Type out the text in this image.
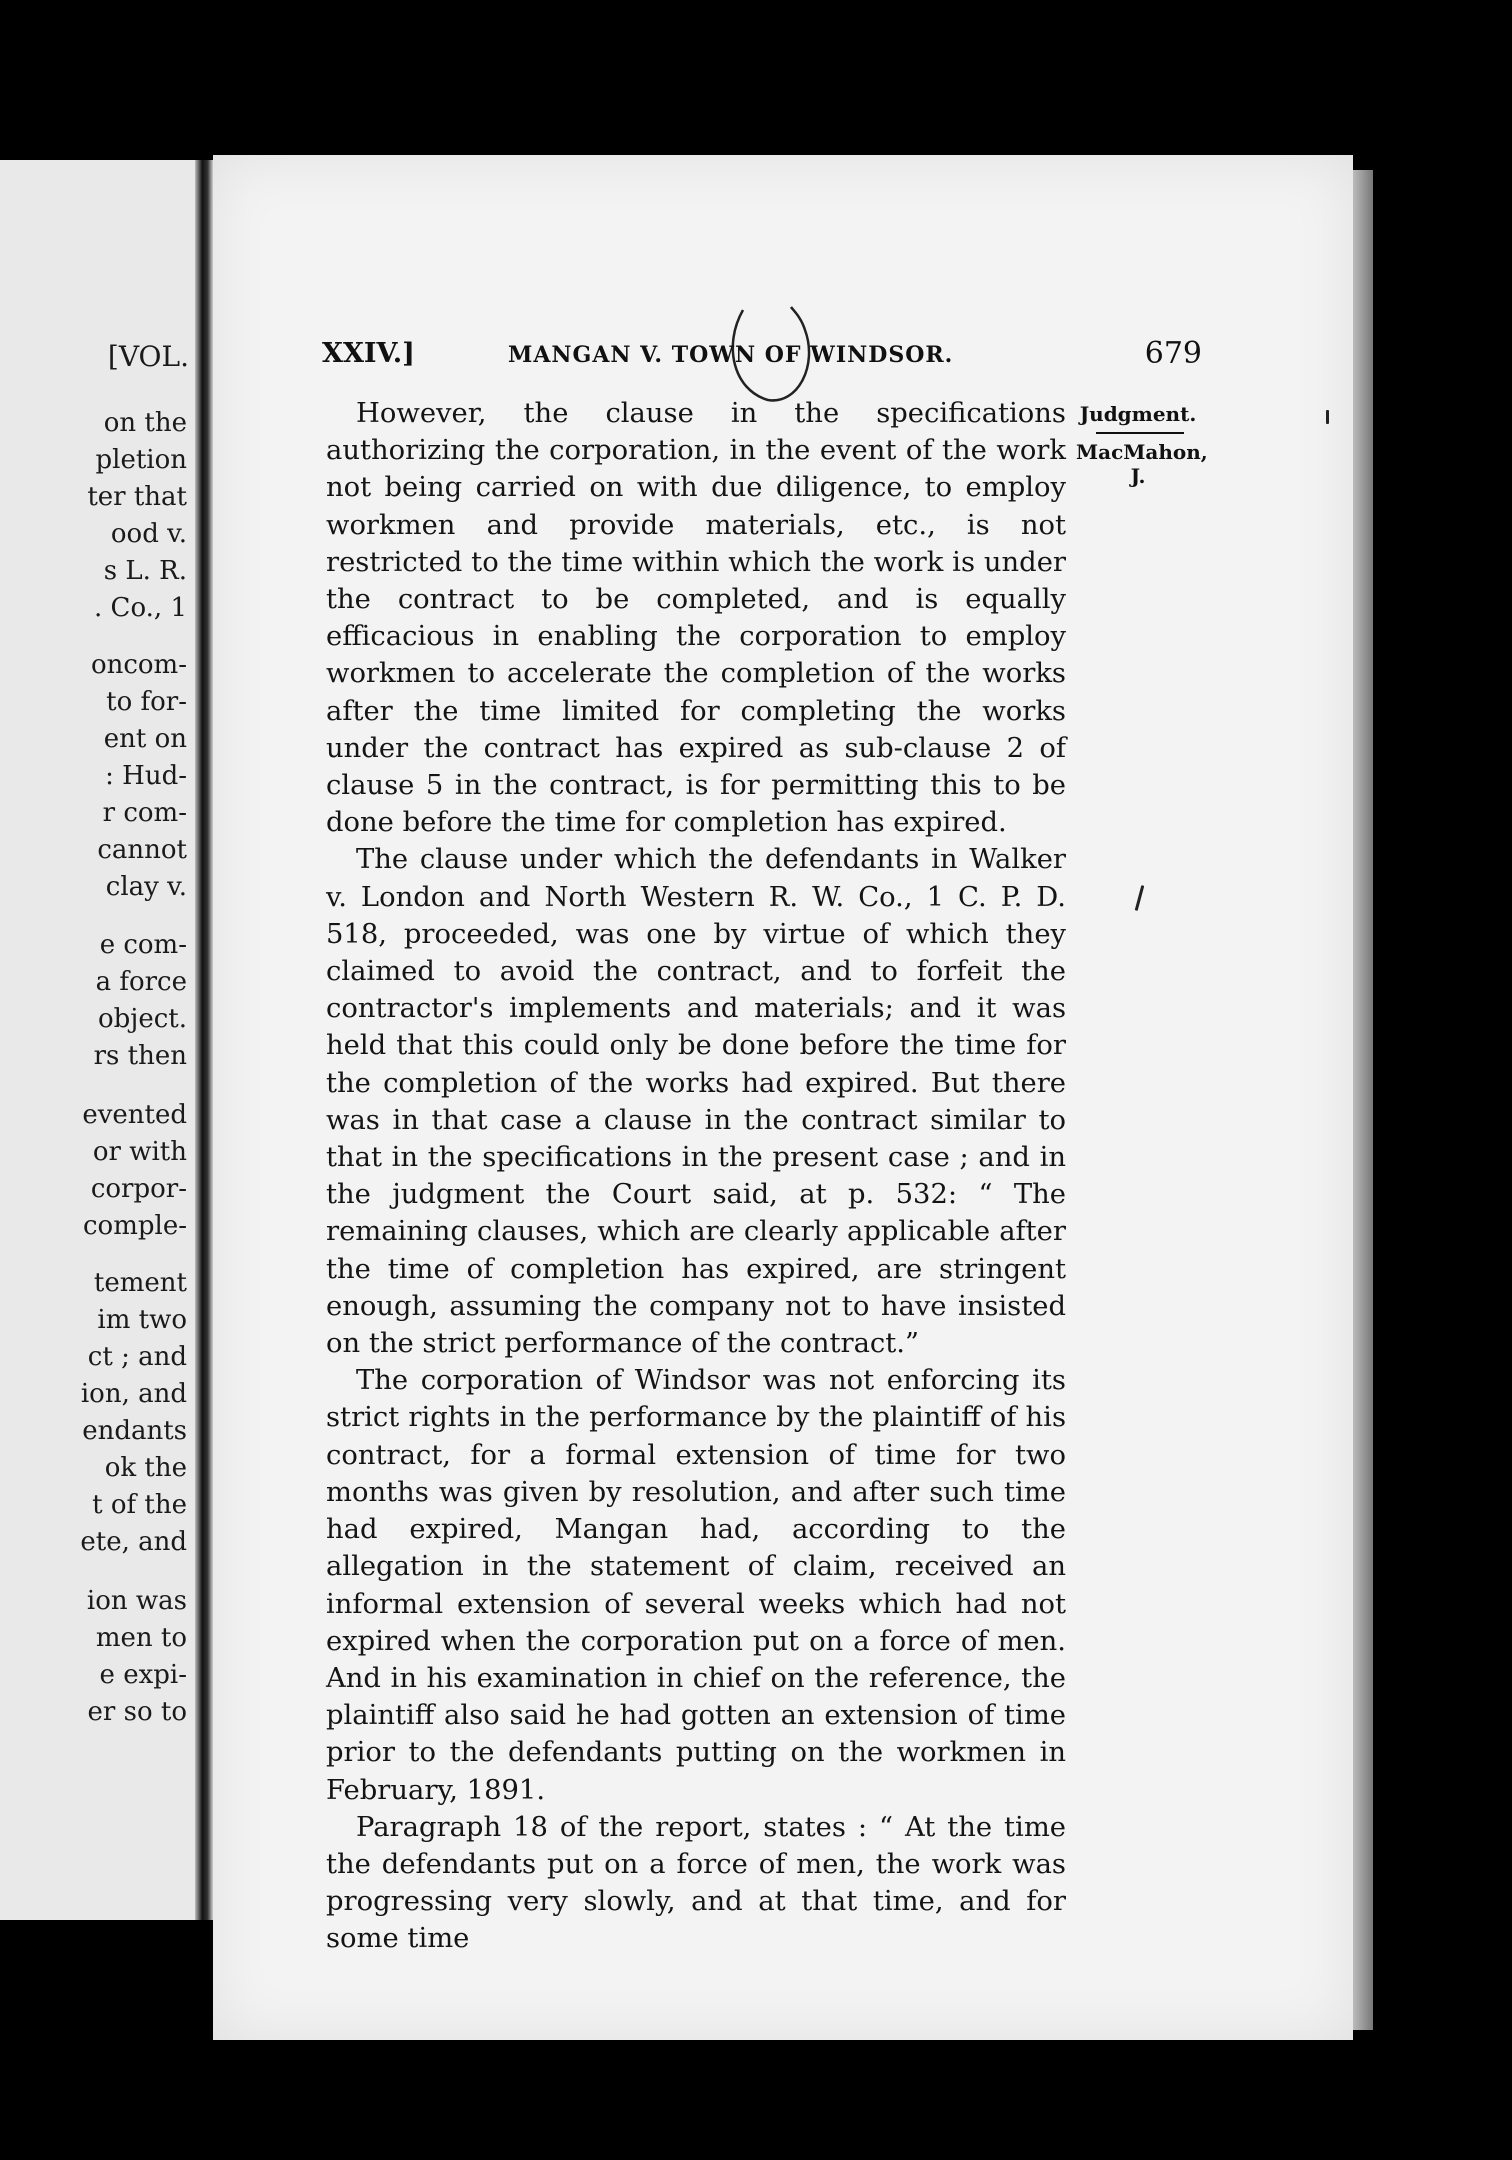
[VOL.
on the
pletion
ter that
ood v.
s L. R.
. Co., 1
oncom-
to for-
ent on
: Hud-
r com-
cannot
clay v.
e com-
a force
object.
rs then
evented
or with
corpor-
comple-
tement
im two
ct ; and
ion, and
endants
ok the
t of the
ete, and
ion was
men to
e expi-
er so to
XXIV.]	MANGAN V. TOWN OF WINDSOR.	679
Judgment.
MacMahon,
J.

However, the clause in the specifications authorizing the corporation, in the event of the work not being carried on with due diligence, to employ workmen and provide materials, etc., is not restricted to the time within which the work is under the contract to be completed, and is equally efficacious in enabling the corporation to employ workmen to accelerate the completion of the works after the time limited for completing the works under the contract has expired as sub-clause 2 of clause 5 in the contract, is for permitting this to be done before the time for completion has expired.

The clause under which the defendants in Walker v. London and North Western R. W. Co., 1 C. P. D. 518, proceeded, was one by virtue of which they claimed to avoid the contract, and to forfeit the contractor's implements and materials; and it was held that this could only be done before the time for the completion of the works had expired. But there was in that case a clause in the contract similar to that in the specifications in the present case ; and in the judgment the Court said, at p. 532: “ The remaining clauses, which are clearly applicable after the time of completion has expired, are stringent enough, assuming the company not to have insisted on the strict performance of the contract.”

The corporation of Windsor was not enforcing its strict rights in the performance by the plaintiff of his contract, for a formal extension of time for two months was given by resolution, and after such time had expired, Mangan had, according to the allegation in the statement of claim, received an informal extension of several weeks which had not expired when the corporation put on a force of men. And in his examination in chief on the reference, the plaintiff also said he had gotten an extension of time prior to the defendants putting on the workmen in February, 1891.

Paragraph 18 of the report, states : “ At the time the defendants put on a force of men, the work was progressing very slowly, and at that time, and for some time
